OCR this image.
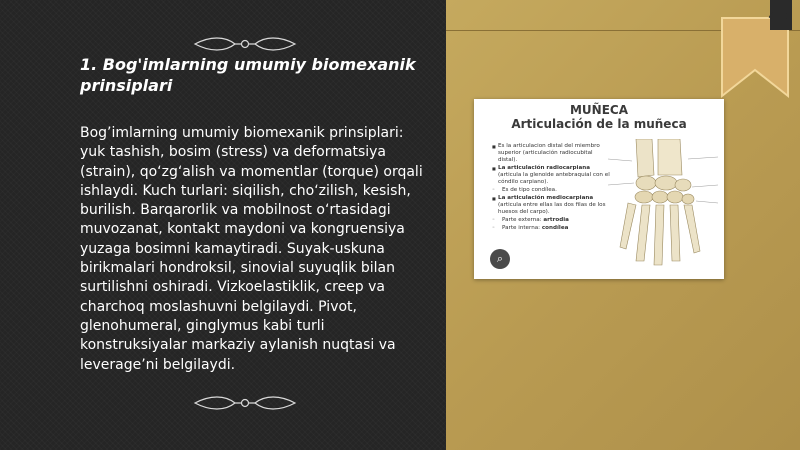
1. Bog'imlarning umumiy biomexanik prinsiplari

Bog’imlarning umumiy biomexanik prinsiplari: yuk tashish, bosim (stress) va deformatsiya (strain), qo‘zg‘alish va momentlar (torque) orqali ishlaydi. Kuch turlari: siqilish, cho‘zilish, kesish, burilish. Barqarorlik va mobilnost o‘rtasidagi muvozanat, kontakt maydoni va kongruensiya yuzaga bosimni kamaytiradi. Suyak-uskuna birikmalari hondroksil, sinovial suyuqlik bilan surtilishni oshiradi. Vizkoelastiklik, creep va charchoq moslashuvni belgilaydi. Pivot, glenohumeral, ginglymus kabi turli konstruksiyalar markaziy aylanish nuqtasi va leverage’ni belgilaydi.

MUÑECA

Articulación de la muñeca

■ Es la articulacion distal del miembro superior (articulación radiocubital distal).
■ La articulación radiocarpiana (articula la glenoide antebraquial con el cóndilo carpiano).
◦ Es de tipo condílea.
■ La articulación mediocarpiana (articula entre ellas las dos filas de los huesos del carpo).
◦ Parte externa: artrodia
◦ Parte interna: condílea
⌕
